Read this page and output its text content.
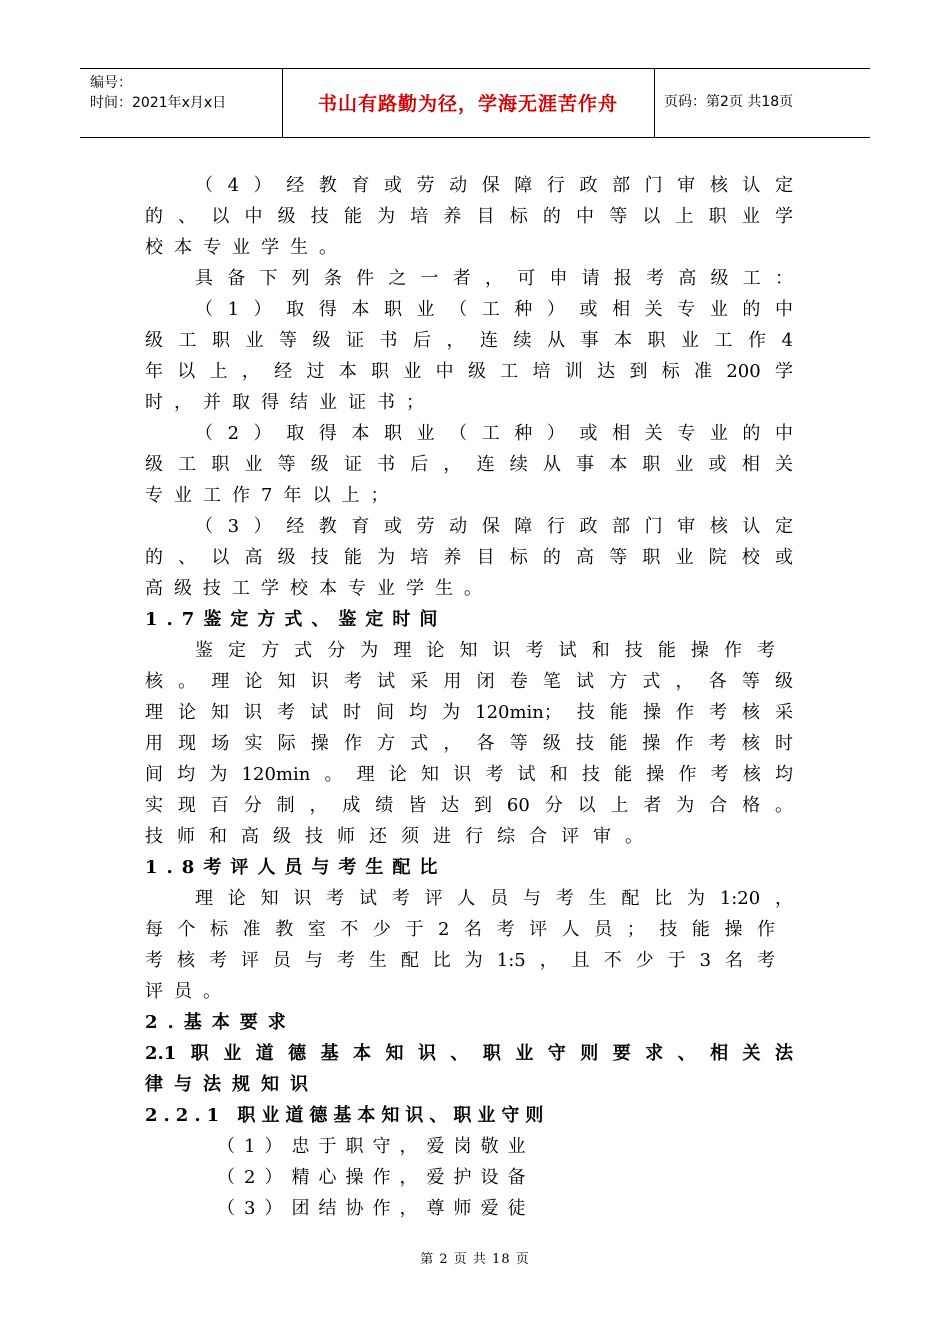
编号：
时间：2021年x月x日	书山有路勤为径，学海无涯苦作舟	页码：第2页 共18页
（4）经教育或劳动保障行政部门审核认定
的、以中级技能为培养目标的中等以上职业学
校本专业学生。
具备下列条件之一者，可申请报考高级工：
（1）取得本职业（工种）或相关专业的中
级工职业等级证书后，连续从事本职业工作4
年以上，经过本职业中级工培训达到标准200学
时，并取得结业证书；
（2）取得本职业（工种）或相关专业的中
级工职业等级证书后，连续从事本职业或相关
专业工作7年以上；
（3）经教育或劳动保障行政部门审核认定
的、以高级技能为培养目标的高等职业院校或
高级技工学校本专业学生。
1.7鉴定方式、鉴定时间
鉴定方式分为理论知识考试和技能操作考
核。理论知识考试采用闭卷笔试方式，各等级
理论知识考试时间均为120min；技能操作考核采
用现场实际操作方式，各等级技能操作考核时
间均为120min。理论知识考试和技能操作考核均
实现百分制，成绩皆达到60分以上者为合格。
技师和高级技师还须进行综合评审。
1.8考评人员与考生配比
理论知识考试考评人员与考生配比为1:20，
每个标准教室不少于2名考评人员；技能操作
考核考评员与考生配比为1:5，且不少于3名考
评员。
2.基本要求
2.1职业道德基本知识、职业守则要求、相关法
律与法规知识
2.2.1 职业道德基本知识、职业守则
（1）忠于职守，爱岗敬业
（2）精心操作，爱护设备
（3）团结协作，尊师爱徒
第 2 页 共 18 页
